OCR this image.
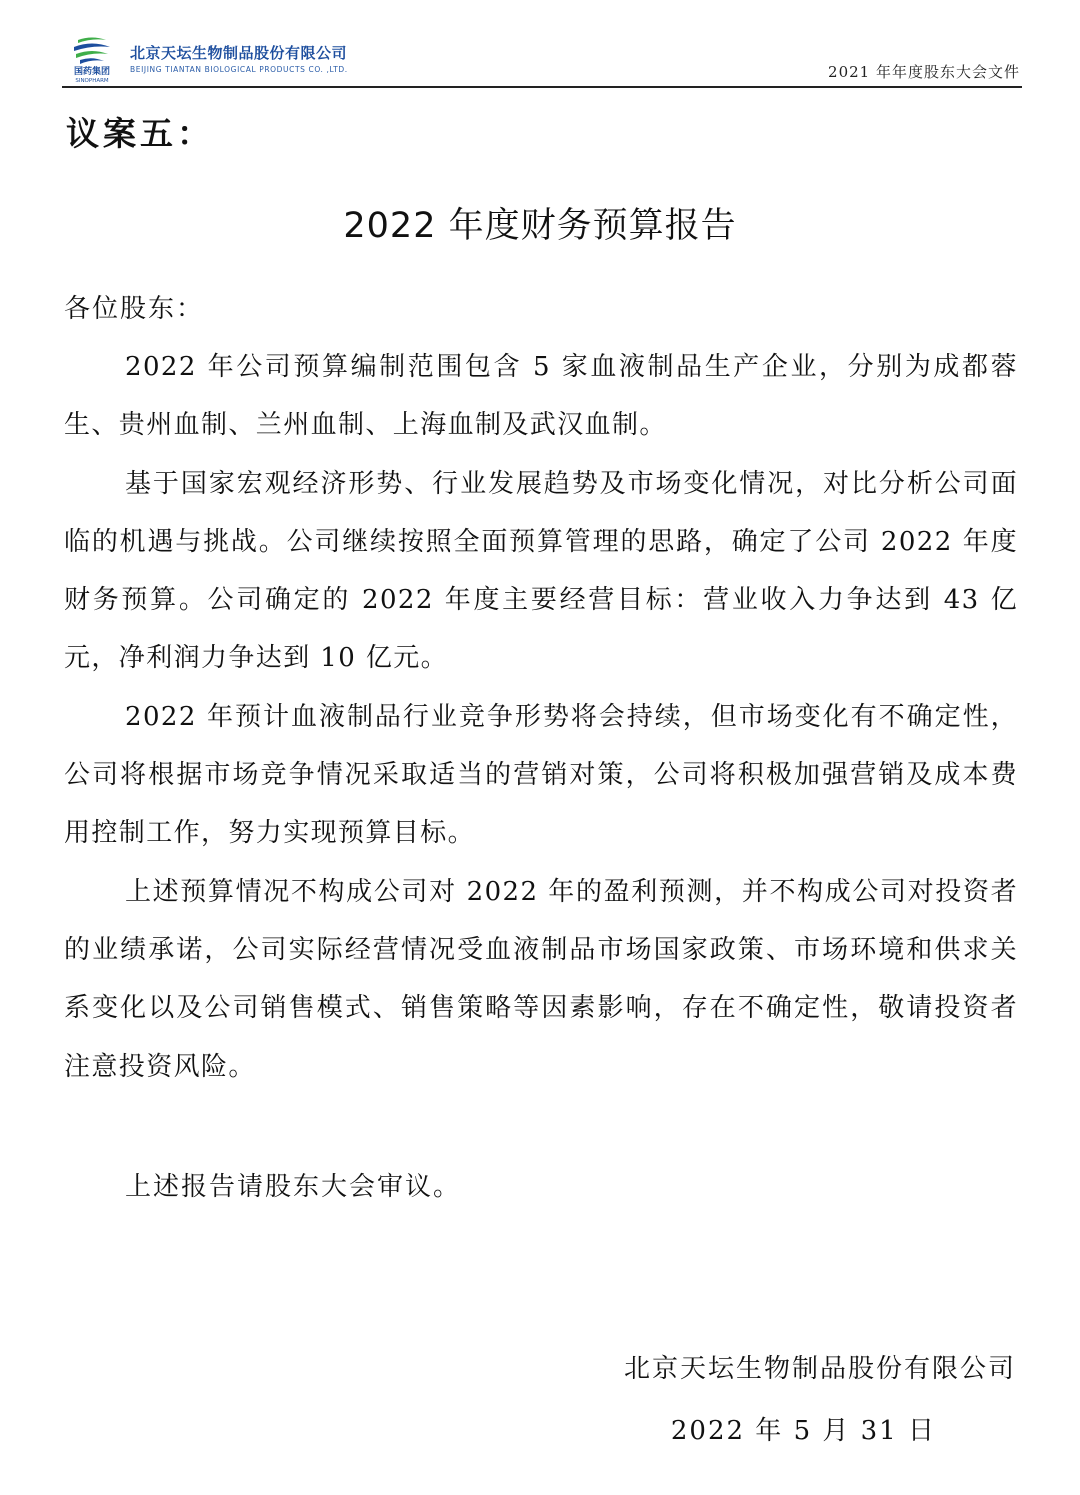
国药集团
SINOPHARM
北京天坛生物制品股份有限公司
BEIJING TIANTAN BIOLOGICAL PRODUCTS CO. ,LTD.	2021 年年度股东大会文件
议案五：
2022 年度财务预算报告

各位股东：

2022 年公司预算编制范围包含 5 家血液制品生产企业，分别为成都蓉生、贵州血制、兰州血制、上海血制及武汉血制。

基于国家宏观经济形势、行业发展趋势及市场变化情况，对比分析公司面临的机遇与挑战。公司继续按照全面预算管理的思路，确定了公司 2022 年度财务预算。公司确定的 2022 年度主要经营目标：营业收入力争达到 43 亿元，净利润力争达到 10 亿元。

2022 年预计血液制品行业竞争形势将会持续，但市场变化有不确定性，公司将根据市场竞争情况采取适当的营销对策，公司将积极加强营销及成本费用控制工作，努力实现预算目标。

上述预算情况不构成公司对 2022 年的盈利预测，并不构成公司对投资者的业绩承诺，公司实际经营情况受血液制品市场国家政策、市场环境和供求关系变化以及公司销售模式、销售策略等因素影响，存在不确定性，敬请投资者注意投资风险。

上述报告请股东大会审议。
北京天坛生物制品股份有限公司
2022 年 5 月 31 日
